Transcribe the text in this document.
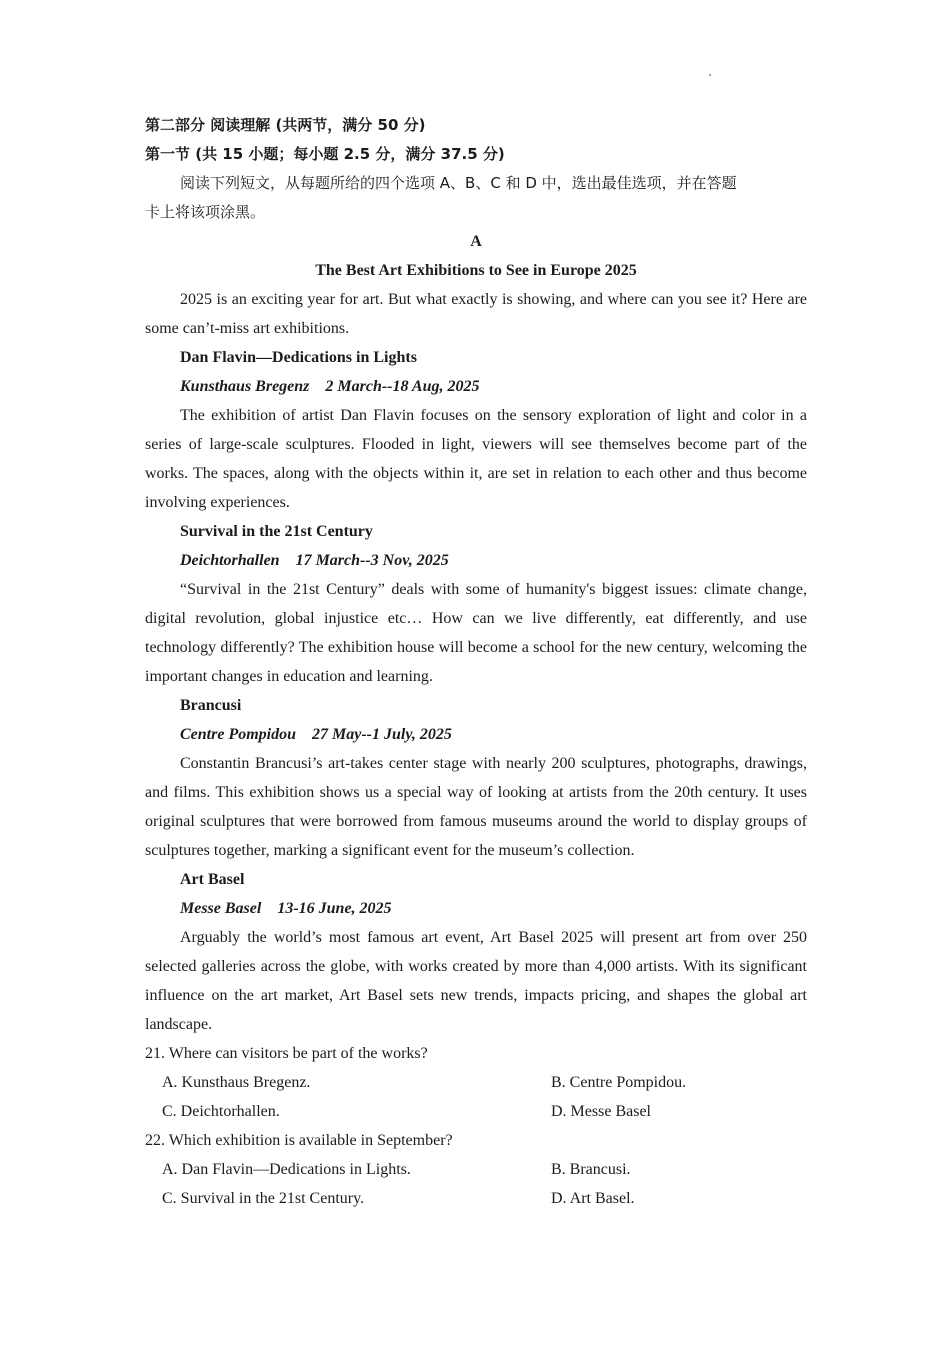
第二部分 阅读理解 (共两节，满分 50 分)
第一节 (共 15 小题；每小题 2.5 分，满分 37.5 分)
阅读下列短文，从每题所给的四个选项 A、B、C 和 D 中，选出最佳选项，并在答题
卡上将该项涂黑。
A
The Best Art Exhibitions to See in Europe 2025

2025 is an exciting year for art. But what exactly is showing, and where can you see it? Here are some can’t-miss art exhibitions.

Dan Flavin—Dedications in Lights
Kunsthaus Bregenz 2 March--18 Aug, 2025

The exhibition of artist Dan Flavin focuses on the sensory exploration of light and color in a series of large-scale sculptures. Flooded in light, viewers will see themselves become part of the works. The spaces, along with the objects within it, are set in relation to each other and thus become involving experiences.

Survival in the 21st Century
Deichtorhallen 17 March--3 Nov, 2025

“Survival in the 21st Century” deals with some of humanity's biggest issues: climate change, digital revolution, global injustice etc… How can we live differently, eat differently, and use technology differently? The exhibition house will become a school for the new century, welcoming the important changes in education and learning.

Brancusi
Centre Pompidou 27 May--1 July, 2025

Constantin Brancusi’s art-takes center stage with nearly 200 sculptures, photographs, drawings, and films. This exhibition shows us a special way of looking at artists from the 20th century. It uses original sculptures that were borrowed from famous museums around the world to display groups of sculptures together, marking a significant event for the museum’s collection.

Art Basel
Messe Basel 13-16 June, 2025

Arguably the world’s most famous art event, Art Basel 2025 will present art from over 250 selected galleries across the globe, with works created by more than 4,000 artists. With its significant influence on the art market, Art Basel sets new trends, impacts pricing, and shapes the global art landscape.

21. Where can visitors be part of the works?
A. Kunsthaus Bregenz.	B. Centre Pompidou.
C. Deichtorhallen.	D. Messe Basel
22. Which exhibition is available in September?
A. Dan Flavin—Dedications in Lights.	B. Brancusi.
C. Survival in the 21st Century.	D. Art Basel.
